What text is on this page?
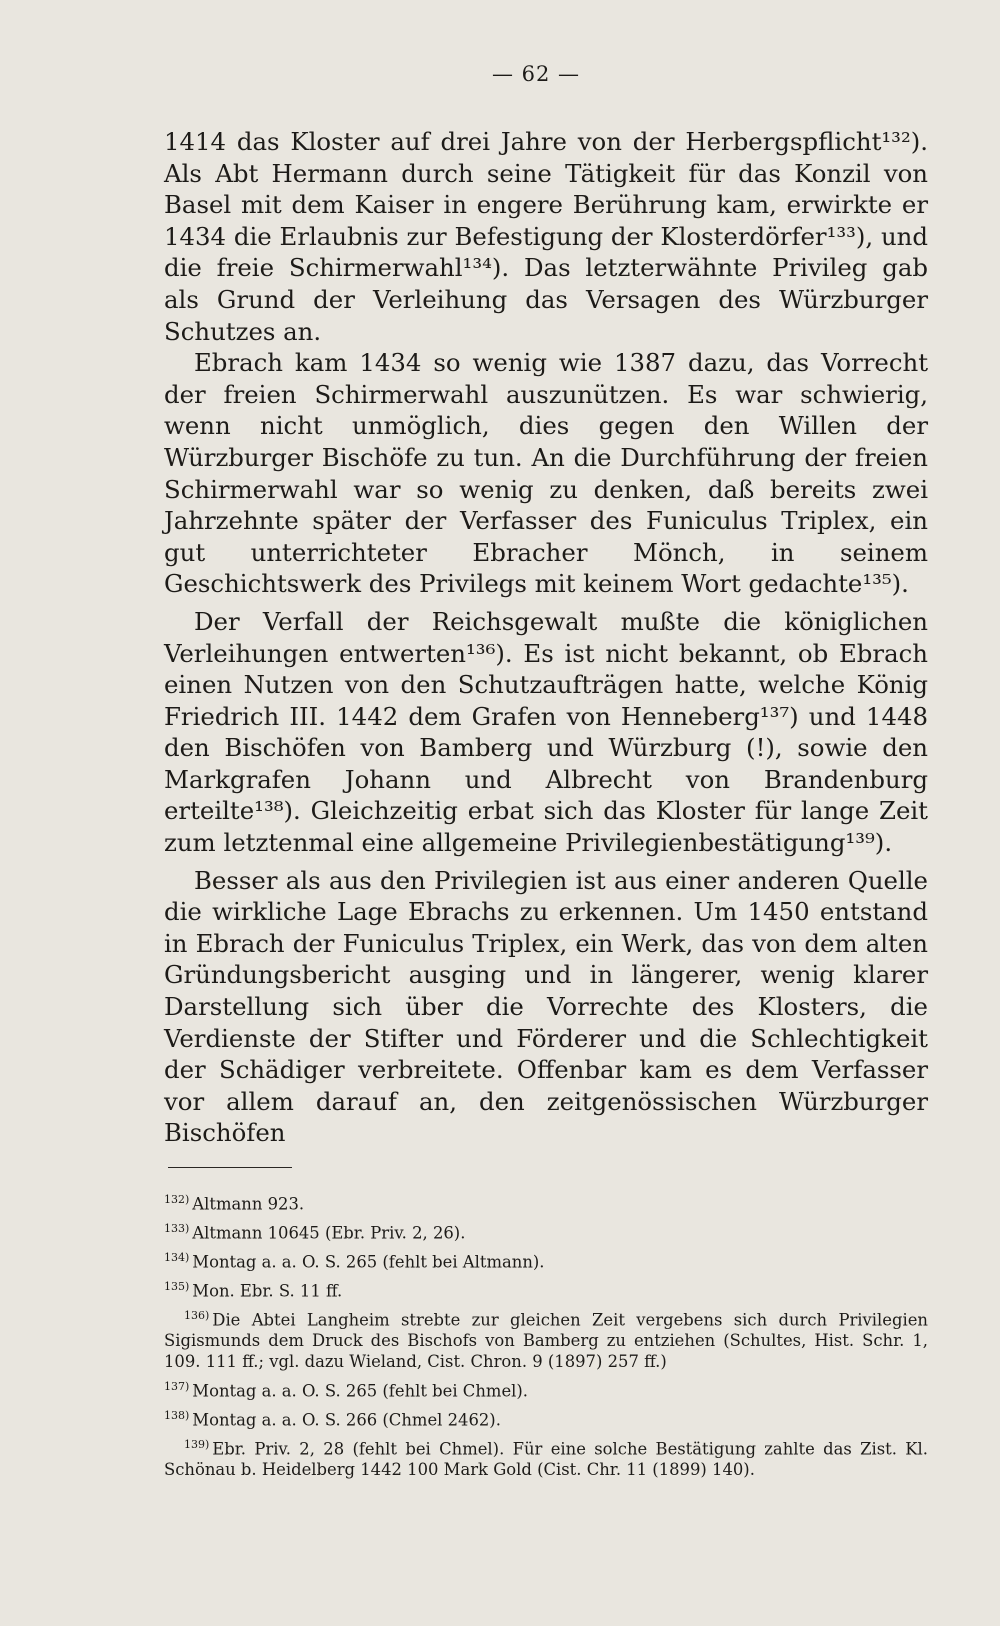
— 62 —

1414 das Kloster auf drei Jahre von der Herbergspflicht¹³²). Als Abt Hermann durch seine Tätigkeit für das Konzil von Basel mit dem Kaiser in engere Berührung kam, erwirkte er 1434 die Erlaubnis zur Befestigung der Klosterdörfer¹³³), und die freie Schirmerwahl¹³⁴). Das letzterwähnte Privileg gab als Grund der Verleihung das Versagen des Würzburger Schutzes an.

Ebrach kam 1434 so wenig wie 1387 dazu, das Vorrecht der freien Schirmerwahl auszunützen. Es war schwierig, wenn nicht unmöglich, dies gegen den Willen der Würzburger Bischöfe zu tun. An die Durchführung der freien Schirmerwahl war so wenig zu denken, daß bereits zwei Jahrzehnte später der Verfasser des Funiculus Triplex, ein gut unterrichteter Ebracher Mönch, in seinem Geschichtswerk des Privilegs mit keinem Wort gedachte¹³⁵).

Der Verfall der Reichsgewalt mußte die königlichen Verleihungen entwerten¹³⁶). Es ist nicht bekannt, ob Ebrach einen Nutzen von den Schutzaufträgen hatte, welche König Friedrich III. 1442 dem Grafen von Henneberg¹³⁷) und 1448 den Bischöfen von Bamberg und Würzburg (!), sowie den Markgrafen Johann und Albrecht von Brandenburg erteilte¹³⁸). Gleichzeitig erbat sich das Kloster für lange Zeit zum letztenmal eine allgemeine Privilegienbestätigung¹³⁹).

Besser als aus den Privilegien ist aus einer anderen Quelle die wirkliche Lage Ebrachs zu erkennen. Um 1450 entstand in Ebrach der Funiculus Triplex, ein Werk, das von dem alten Gründungsbericht ausging und in längerer, wenig klarer Darstellung sich über die Vorrechte des Klosters, die Verdienste der Stifter und Förderer und die Schlechtigkeit der Schädiger verbreitete. Offenbar kam es dem Verfasser vor allem darauf an, den zeitgenössischen Würzburger Bischöfen

$^{132)}$ Altmann 923.
$^{133)}$ Altmann 10645 (Ebr. Priv. 2, 26).
$^{134)}$ Montag a. a. O. S. 265 (fehlt bei Altmann).
$^{135)}$ Mon. Ebr. S. 11 ff.
$^{136)}$ Die Abtei Langheim strebte zur gleichen Zeit vergebens sich durch Privilegien Sigismunds dem Druck des Bischofs von Bamberg zu entziehen (Schultes, Hist. Schr. 1, 109. 111 ff.; vgl. dazu Wieland, Cist. Chron. 9 (1897) 257 ff.)
$^{137)}$ Montag a. a. O. S. 265 (fehlt bei Chmel).
$^{138)}$ Montag a. a. O. S. 266 (Chmel 2462).
$^{139)}$ Ebr. Priv. 2, 28 (fehlt bei Chmel). Für eine solche Bestätigung zahlte das Zist. Kl. Schönau b. Heidelberg 1442 100 Mark Gold (Cist. Chr. 11 (1899) 140).
